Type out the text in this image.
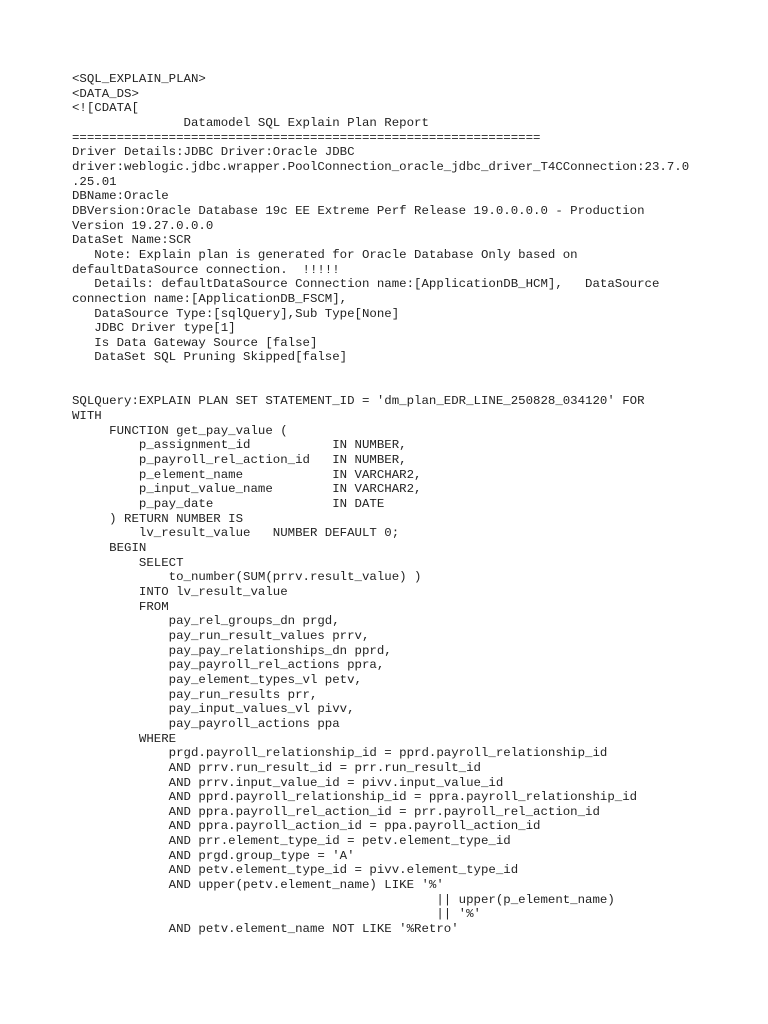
<SQL_EXPLAIN_PLAN>
<DATA_DS>
<![CDATA[
Datamodel SQL Explain Plan Report
===============================================================
Driver Details:JDBC Driver:Oracle JDBC
driver:weblogic.jdbc.wrapper.PoolConnection_oracle_jdbc_driver_T4CConnection:23.7.0
.25.01
DBName:Oracle
DBVersion:Oracle Database 19c EE Extreme Perf Release 19.0.0.0.0 - Production
Version 19.27.0.0.0
DataSet Name:SCR
Note: Explain plan is generated for Oracle Database Only based on
defaultDataSource connection.  !!!!!
Details: defaultDataSource Connection name:[ApplicationDB_HCM],   DataSource
connection name:[ApplicationDB_FSCM],
DataSource Type:[sqlQuery],Sub Type[None]
JDBC Driver type[1]
Is Data Gateway Source [false]
DataSet SQL Pruning Skipped[false]
SQLQuery:EXPLAIN PLAN SET STATEMENT_ID = 'dm_plan_EDR_LINE_250828_034120' FOR
WITH
FUNCTION get_pay_value (
p_assignment_id           IN NUMBER,
p_payroll_rel_action_id   IN NUMBER,
p_element_name            IN VARCHAR2,
p_input_value_name        IN VARCHAR2,
p_pay_date                IN DATE
) RETURN NUMBER IS
lv_result_value   NUMBER DEFAULT 0;
BEGIN
SELECT
to_number(SUM(prrv.result_value) )
INTO lv_result_value
FROM
pay_rel_groups_dn prgd,
pay_run_result_values prrv,
pay_pay_relationships_dn pprd,
pay_payroll_rel_actions ppra,
pay_element_types_vl petv,
pay_run_results prr,
pay_input_values_vl pivv,
pay_payroll_actions ppa
WHERE
prgd.payroll_relationship_id = pprd.payroll_relationship_id
AND prrv.run_result_id = prr.run_result_id
AND prrv.input_value_id = pivv.input_value_id
AND pprd.payroll_relationship_id = ppra.payroll_relationship_id
AND ppra.payroll_rel_action_id = prr.payroll_rel_action_id
AND ppra.payroll_action_id = ppa.payroll_action_id
AND prr.element_type_id = petv.element_type_id
AND prgd.group_type = 'A'
AND petv.element_type_id = pivv.element_type_id
AND upper(petv.element_name) LIKE '%'
|| upper(p_element_name)
|| '%'
AND petv.element_name NOT LIKE '%Retro'
